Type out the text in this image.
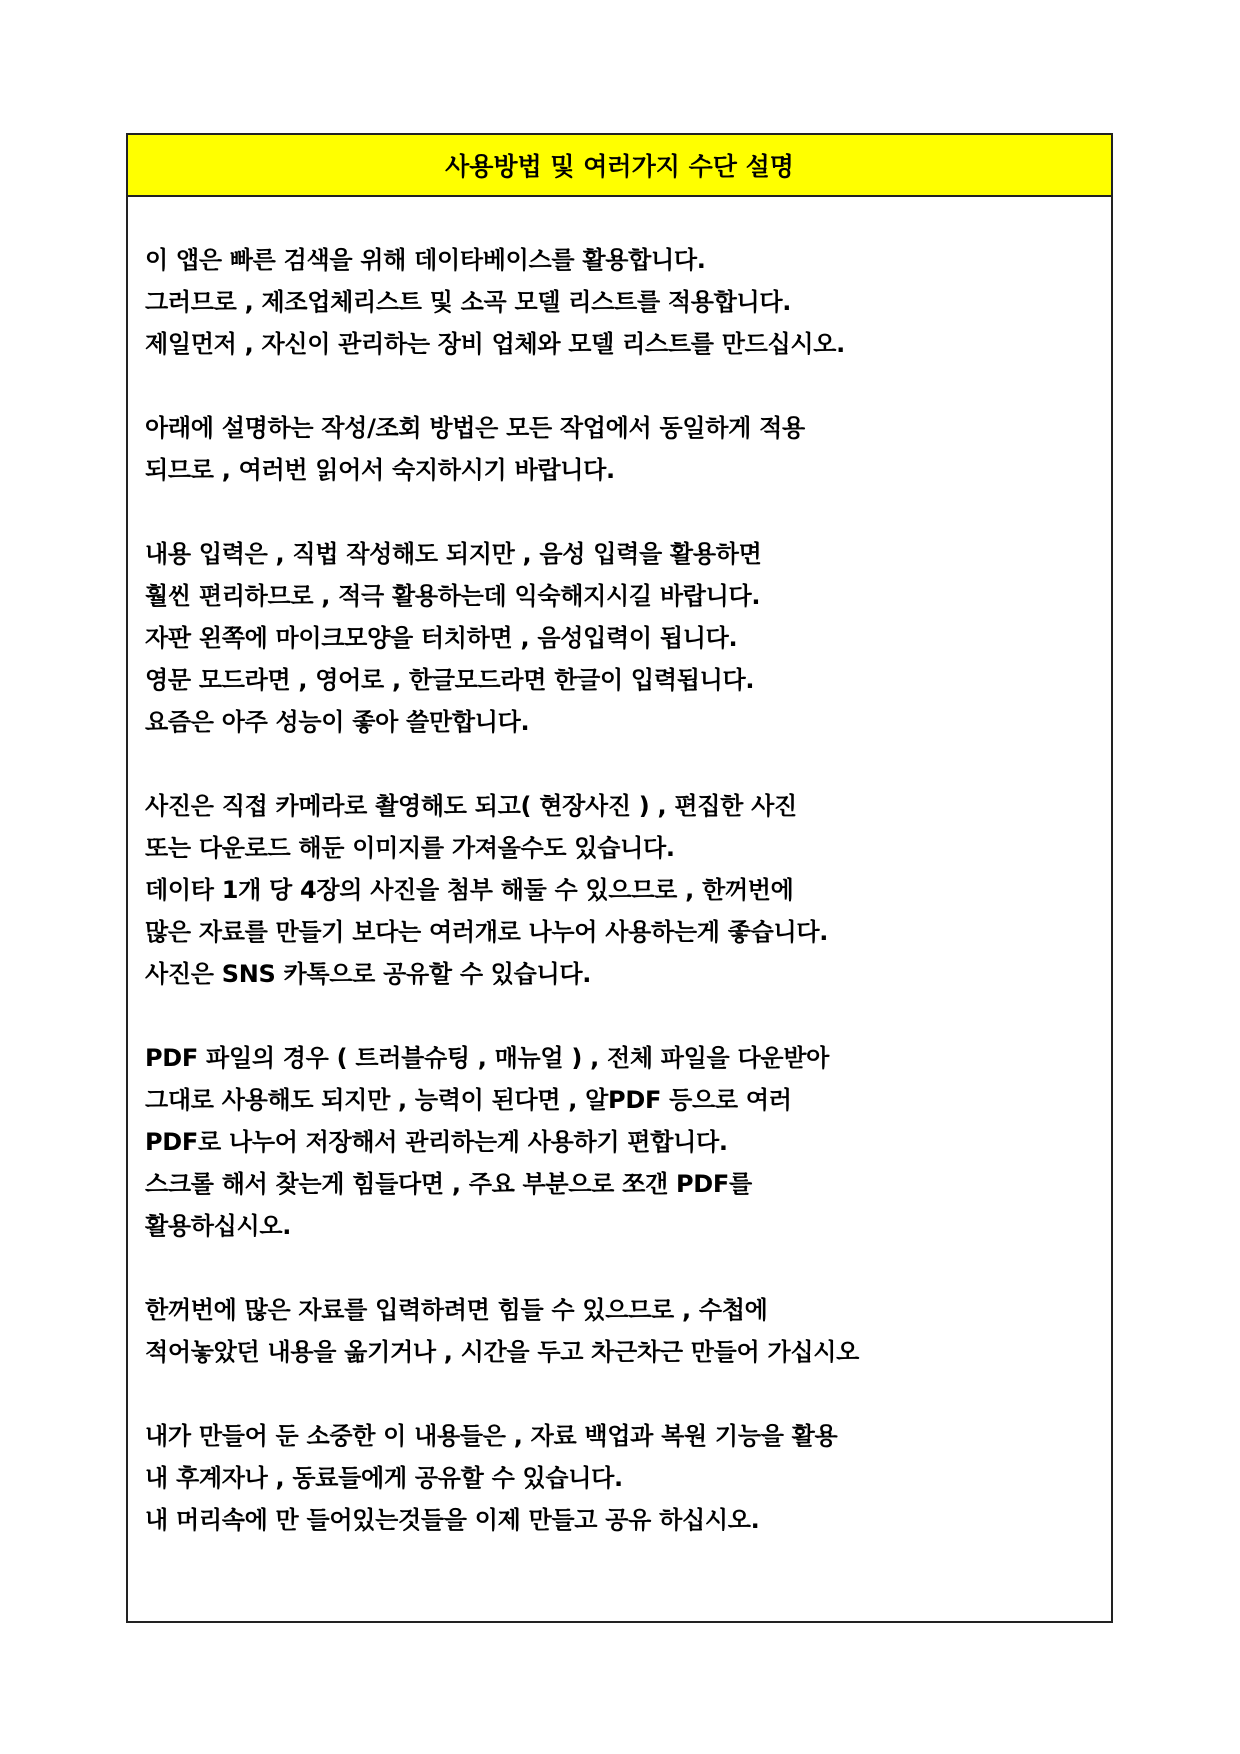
사용방법 및 여러가지 수단 설명
이 앱은 빠른 검색을 위해 데이타베이스를 활용합니다.
그러므로 , 제조업체리스트 및 소곡 모델 리스트를 적용합니다.
제일먼저 , 자신이 관리하는 장비 업체와 모델 리스트를 만드십시오.
아래에 설명하는 작성/조회 방법은 모든 작업에서 동일하게 적용
되므로 , 여러번 읽어서 숙지하시기 바랍니다.
내용 입력은 , 직법 작성해도 되지만 , 음성 입력을 활용하면
훨씬 편리하므로 , 적극 활용하는데 익숙해지시길 바랍니다.
자판 왼쪽에 마이크모양을 터치하면 , 음성입력이 됩니다.
영문 모드라면 , 영어로 , 한글모드라면 한글이 입력됩니다.
요즘은 아주 성능이 좋아 쓸만합니다.
사진은 직접 카메라로 촬영해도 되고( 현장사진 ) , 편집한 사진
또는 다운로드 해둔 이미지를 가져올수도 있습니다.
데이타 1개 당 4장의 사진을 첨부 해둘 수 있으므로 , 한꺼번에
많은 자료를 만들기 보다는 여러개로 나누어 사용하는게 좋습니다.
사진은 SNS 카톡으로 공유할 수 있습니다.
PDF 파일의 경우 ( 트러블슈팅 , 매뉴얼 ) , 전체 파일을 다운받아
그대로 사용해도 되지만 , 능력이 된다면 , 알PDF 등으로 여러
PDF로 나누어 저장해서 관리하는게 사용하기 편합니다.
스크롤 해서 찾는게 힘들다면 , 주요 부분으로 쪼갠 PDF를
활용하십시오.
한꺼번에 많은 자료를 입력하려면 힘들 수 있으므로 , 수첩에
적어놓았던 내용을 옮기거나 , 시간을 두고 차근차근 만들어 가십시오
내가 만들어 둔 소중한 이 내용들은 , 자료 백업과 복원 기능을 활용
내 후계자나 , 동료들에게 공유할 수 있습니다.
내 머리속에 만 들어있는것들을 이제 만들고 공유 하십시오.
